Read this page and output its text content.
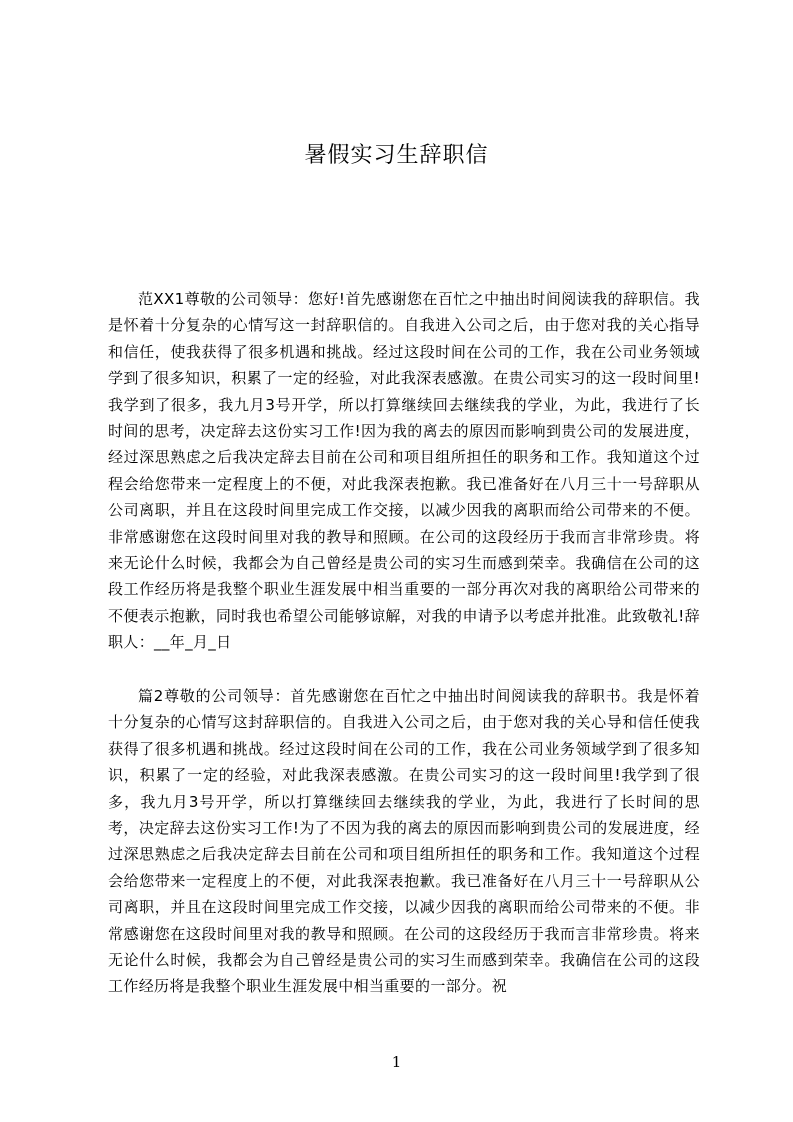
暑假实习生辞职信

范XX1尊敬的公司领导：您好!首先感谢您在百忙之中抽出时间阅读我的辞职信。我是怀着十分复杂的心情写这一封辞职信的。自我进入公司之后，由于您对我的关心指导和信任，使我获得了很多机遇和挑战。经过这段时间在公司的工作，我在公司业务领域学到了很多知识，积累了一定的经验，对此我深表感激。在贵公司实习的这一段时间里!我学到了很多，我九月3号开学，所以打算继续回去继续我的学业，为此，我进行了长时间的思考，决定辞去这份实习工作!因为我的离去的原因而影响到贵公司的发展进度，经过深思熟虑之后我决定辞去目前在公司和项目组所担任的职务和工作。我知道这个过程会给您带来一定程度上的不便，对此我深表抱歉。我已准备好在八月三十一号辞职从公司离职，并且在这段时间里完成工作交接，以减少因我的离职而给公司带来的不便。非常感谢您在这段时间里对我的教导和照顾。在公司的这段经历于我而言非常珍贵。将来无论什么时候，我都会为自己曾经是贵公司的实习生而感到荣幸。我确信在公司的这段工作经历将是我整个职业生涯发展中相当重要的一部分再次对我的离职给公司带来的不便表示抱歉，同时我也希望公司能够谅解，对我的申请予以考虑并批准。此致敬礼!辞职人：__年_月_日

篇2尊敬的公司领导：首先感谢您在百忙之中抽出时间阅读我的辞职书。我是怀着十分复杂的心情写这封辞职信的。自我进入公司之后，由于您对我的关心导和信任使我获得了很多机遇和挑战。经过这段时间在公司的工作，我在公司业务领域学到了很多知识，积累了一定的经验，对此我深表感激。在贵公司实习的这一段时间里!我学到了很多，我九月3号开学，所以打算继续回去继续我的学业，为此，我进行了长时间的思考，决定辞去这份实习工作!为了不因为我的离去的原因而影响到贵公司的发展进度，经过深思熟虑之后我决定辞去目前在公司和项目组所担任的职务和工作。我知道这个过程会给您带来一定程度上的不便，对此我深表抱歉。我已准备好在八月三十一号辞职从公司离职，并且在这段时间里完成工作交接，以减少因我的离职而给公司带来的不便。非常感谢您在这段时间里对我的教导和照顾。在公司的这段经历于我而言非常珍贵。将来无论什么时候，我都会为自己曾经是贵公司的实习生而感到荣幸。我确信在公司的这段工作经历将是我整个职业生涯发展中相当重要的一部分。祝

1
